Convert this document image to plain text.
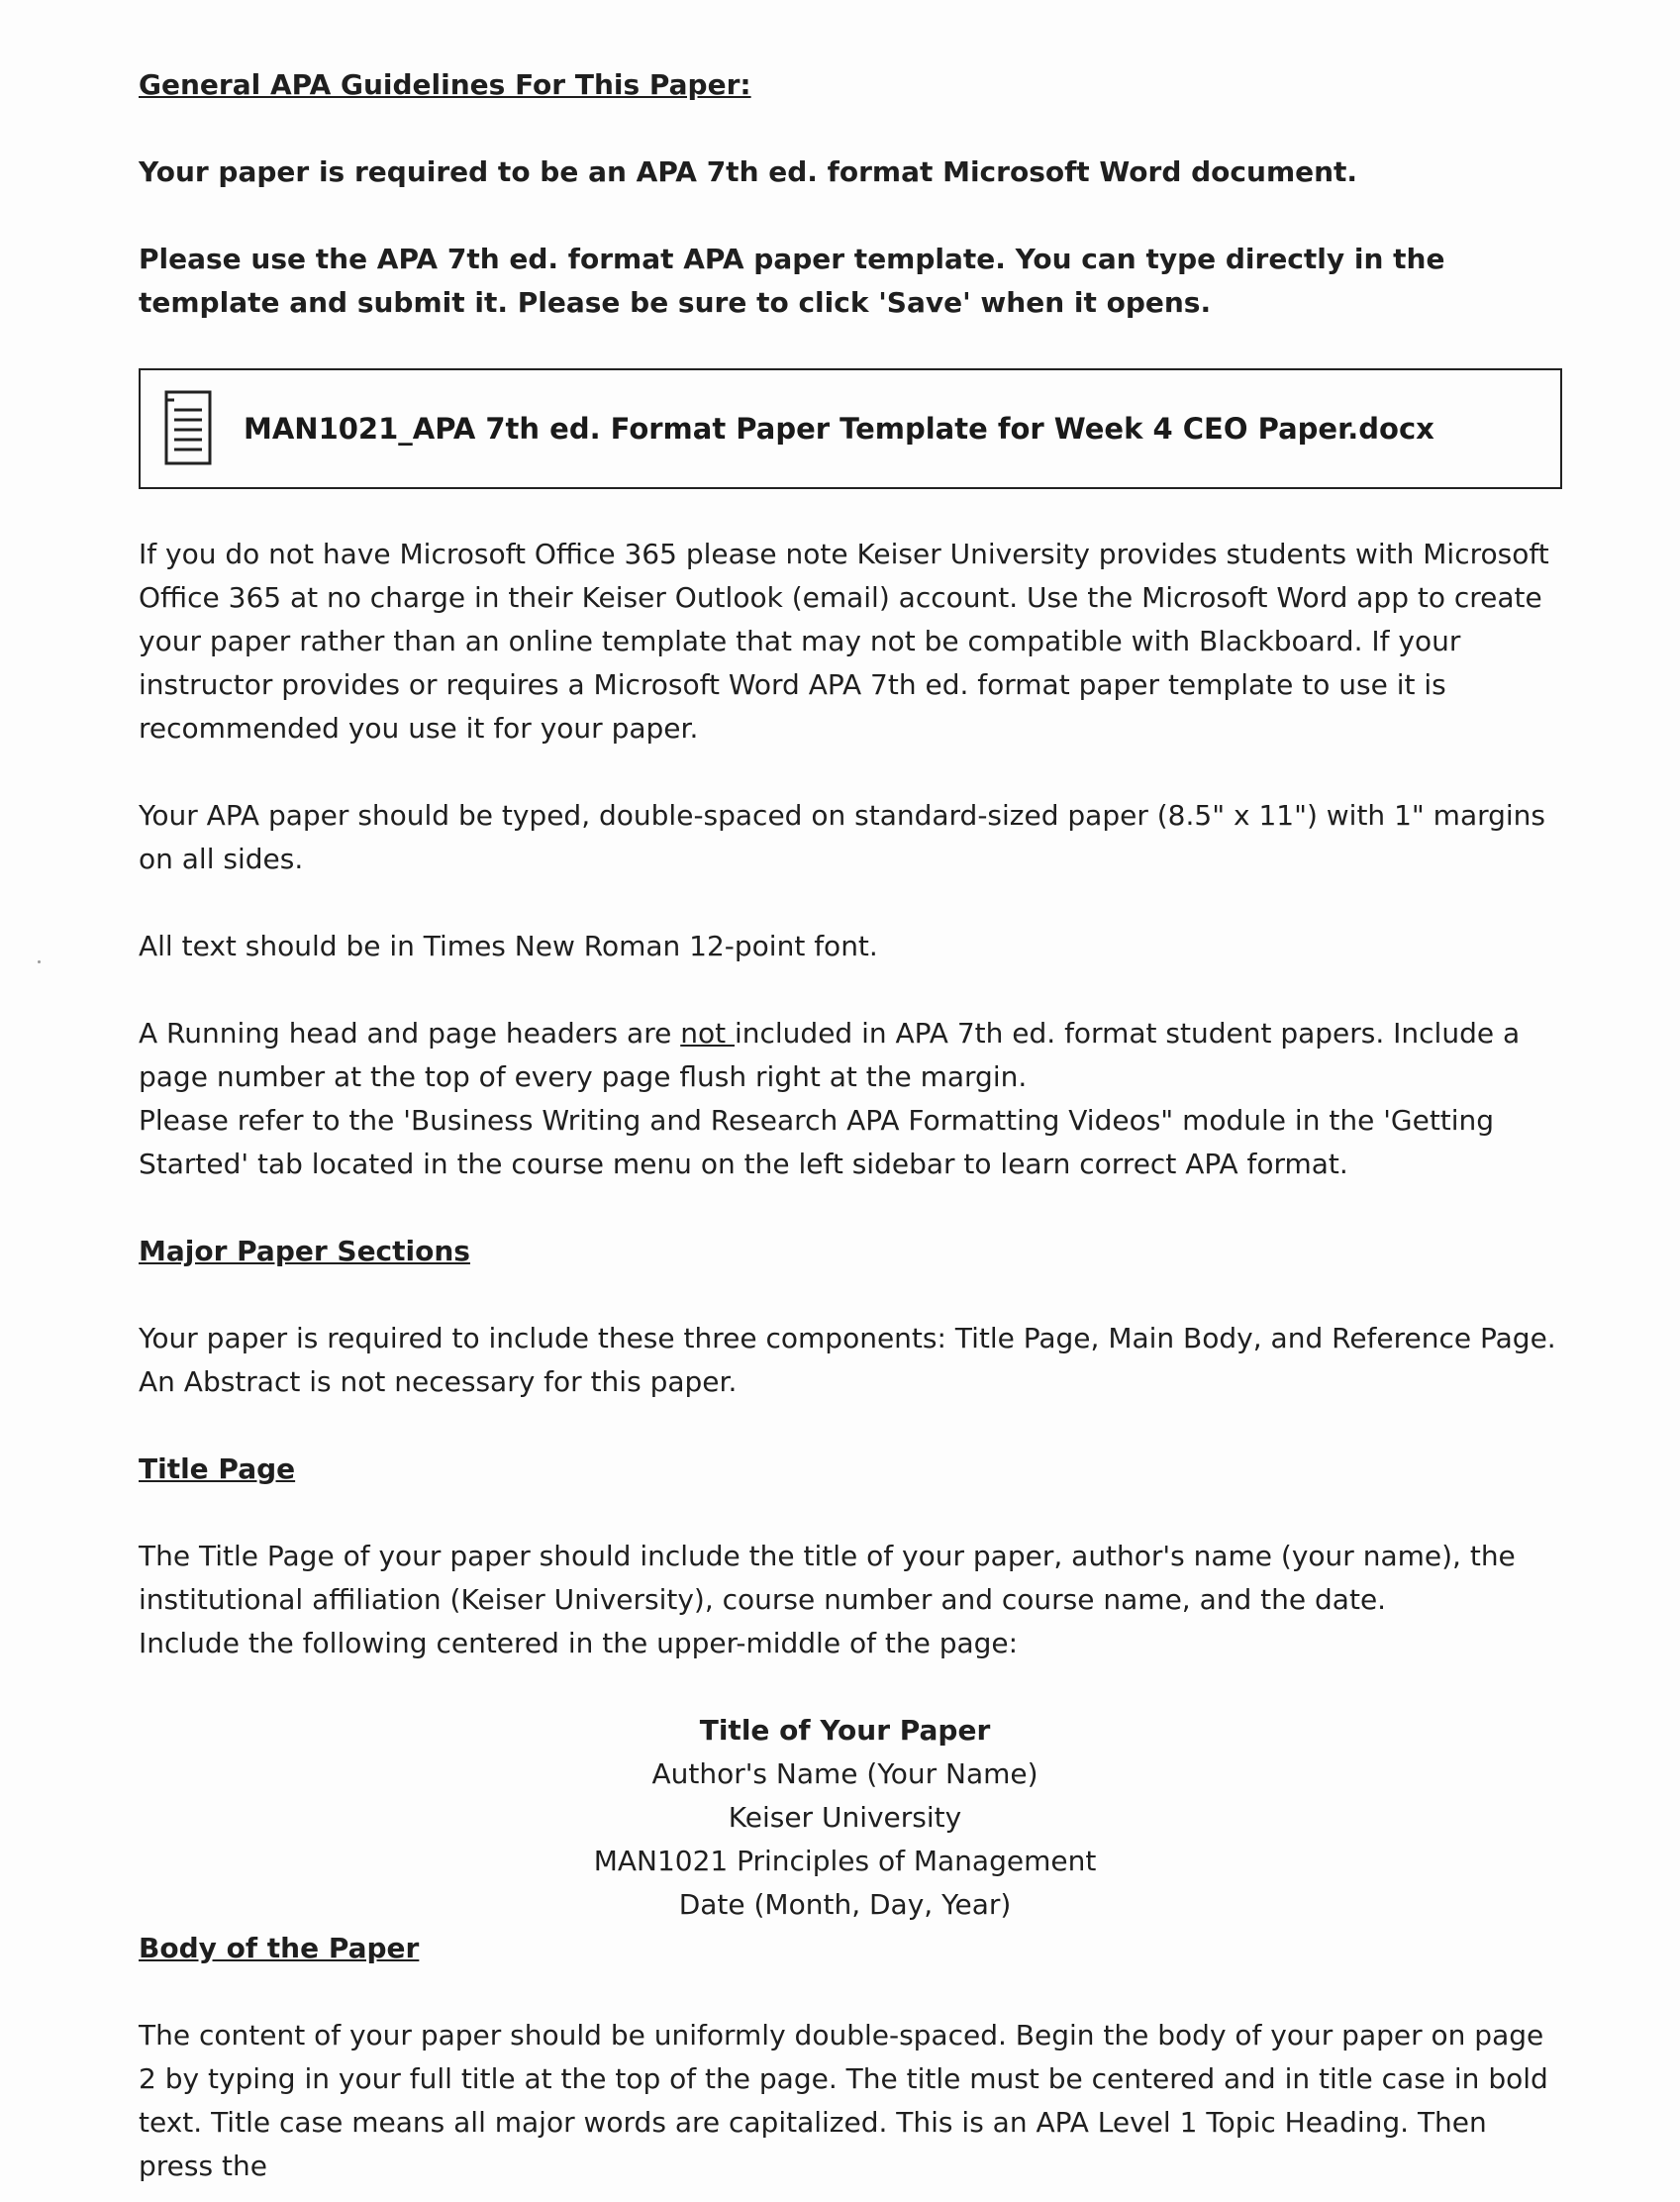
General APA Guidelines For This Paper:

Your paper is required to be an APA 7th ed. format Microsoft Word document.

Please use the APA 7th ed. format APA paper template. You can type directly in the template and submit it. Please be sure to click 'Save' when it opens.

MAN1021_APA 7th ed. Format Paper Template for Week 4 CEO Paper.docx

If you do not have Microsoft Office 365 please note Keiser University provides students with Microsoft Office 365 at no charge in their Keiser Outlook (email) account. Use the Microsoft Word app to create your paper rather than an online template that may not be compatible with Blackboard. If your instructor provides or requires a Microsoft Word APA 7th ed. format paper template to use it is recommended you use it for your paper.

Your APA paper should be typed, double-spaced on standard-sized paper (8.5" x 11") with 1" margins on all sides.

All text should be in Times New Roman 12-point font.

A Running head and page headers are not included in APA 7th ed. format student papers. Include a page number at the top of every page flush right at the margin.

Please refer to the 'Business Writing and Research APA Formatting Videos" module in the 'Getting Started' tab located in the course menu on the left sidebar to learn correct APA format.

Major Paper Sections

Your paper is required to include these three components: Title Page, Main Body, and Reference Page. An Abstract is not necessary for this paper.

Title Page

The Title Page of your paper should include the title of your paper, author's name (your name), the institutional affiliation (Keiser University), course number and course name, and the date.

Include the following centered in the upper-middle of the page:

Title of Your Paper
Author's Name (Your Name)
Keiser University
MAN1021 Principles of Management
Date (Month, Day, Year)

Body of the Paper

The content of your paper should be uniformly double-spaced. Begin the body of your paper on page 2 by typing in your full title at the top of the page. The title must be centered and in title case in bold text. Title case means all major words are capitalized. This is an APA Level 1 Topic Heading. Then press the
